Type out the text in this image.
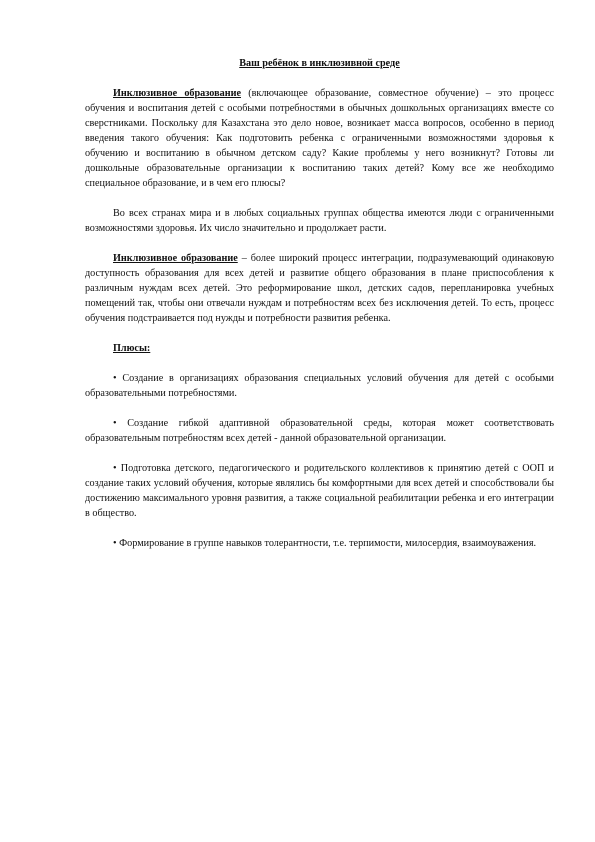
Ваш ребёнок в инклюзивной среде

Инклюзивное образование (включающее образование, совместное обучение) – это процесс обучения и воспитания детей с особыми потребностями в обычных дошкольных организациях вместе со сверстниками. Поскольку для Казахстана это дело новое, возникает масса вопросов, особенно в период введения такого обучения: Как подготовить ребенка с ограниченными возможностями здоровья к обучению и воспитанию в обычном детском саду? Какие проблемы у него возникнут? Готовы ли дошкольные образовательные организации к воспитанию таких детей? Кому все же необходимо специальное образование, и в чем его плюсы?

Во всех странах мира и в любых социальных группах общества имеются люди с ограниченными возможностями здоровья. Их число значительно и продолжает расти.

Инклюзивное образование – более широкий процесс интеграции, подразумевающий одинаковую доступность образования для всех детей и развитие общего образования в плане приспособления к различным нуждам всех детей. Это реформирование школ, детских садов, перепланировка учебных помещений так, чтобы они отвечали нуждам и потребностям всех без исключения детей. То есть, процесс обучения подстраивается под нужды и потребности развития ребенка.

Плюсы:

• Создание в организациях образования специальных условий обучения для детей с особыми образовательными потребностями.

• Создание гибкой адаптивной образовательной среды, которая может соответствовать образовательным потребностям всех детей - данной образовательной организации.

• Подготовка детского, педагогического и родительского коллективов к принятию детей с ООП и создание таких условий обучения, которые являлись бы комфортными для всех детей и способствовали бы достижению максимального уровня развития, а также социальной реабилитации ребенка и его интеграции в общество.

• Формирование в группе навыков толерантности, т.е. терпимости, милосердия, взаимоуважения.
